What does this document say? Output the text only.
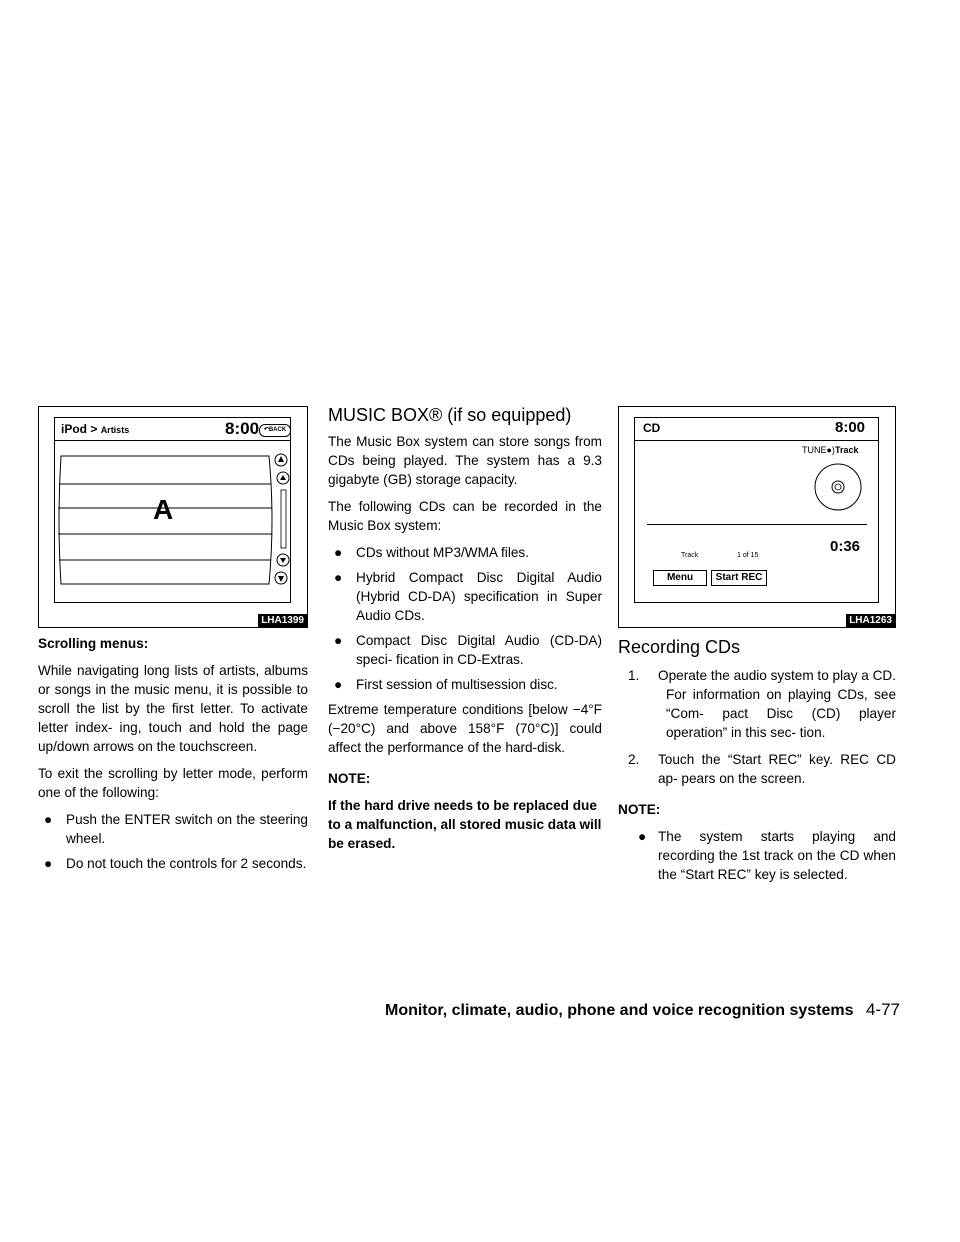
iPod > Artists	8:00 ↶BACK
A
LHA1399

Scrolling menus:

While navigating long lists of artists, albums or songs in the music menu, it is possible to scroll the list by the first letter. To activate letter index- ing, touch and hold the page up/down arrows on the touchscreen.

To exit the scrolling by letter mode, perform one of the following:

● Push the ENTER switch on the steering wheel.
● Do not touch the controls for 2 seconds.
MUSIC BOX® (if so equipped)

The Music Box system can store songs from CDs being played. The system has a 9.3 gigabyte (GB) storage capacity.

The following CDs can be recorded in the Music Box system:

● CDs without MP3/WMA files.
● Hybrid Compact Disc Digital Audio (Hybrid CD-DA) specification in Super Audio CDs.
● Compact Disc Digital Audio (CD-DA) speci- fication in CD-Extras.
● First session of multisession disc.

Extreme temperature conditions [below −4°F (−20°C) and above 158°F (70°C)] could affect the performance of the hard-disk.

NOTE:

If the hard drive needs to be replaced due to a malfunction, all stored music data will be erased.

CD	8:00
TUNE●)Track
0:36
Track	1 of 15
Menu	Start REC
LHA1263
Recording CDs
1. Operate the audio system to play a CD.
For information on playing CDs, see “Com- pact Disc (CD) player operation” in this sec- tion.
2. Touch the “Start REC” key. REC CD ap- pears on the screen.

NOTE:

● The system starts playing and recording the 1st track on the CD when the “Start REC” key is selected.
Monitor, climate, audio, phone and voice recognition systems 4-77
